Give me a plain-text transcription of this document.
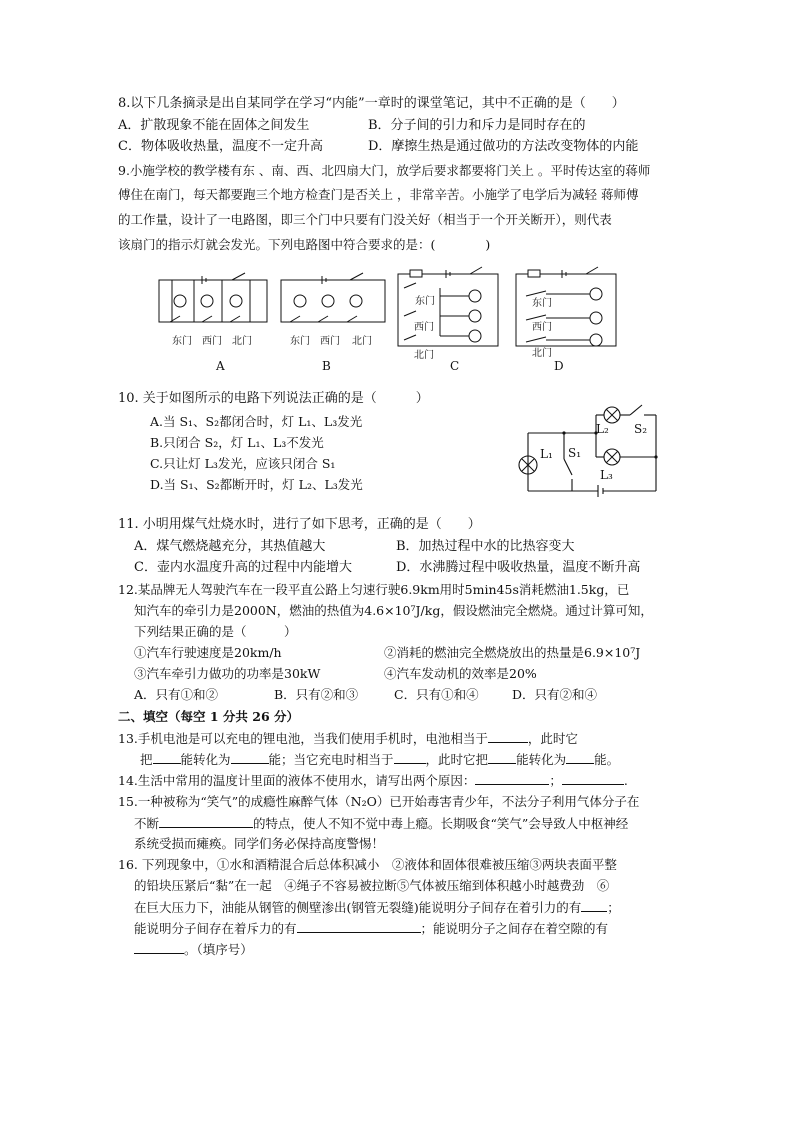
8.以下几条摘录是出自某同学在学习“内能”一章时的课堂笔记，其中不正确的是（　　）
A．扩散现象不能在固体之间发生	B．分子间的引力和斥力是同时存在的
C．物体吸收热量，温度不一定升高	D．摩擦生热是通过做功的方法改变物体的内能
9.小施学校的教学楼有东 、南、西、北四扇大门，放学后要求都要将门关上 。平时传达室的蒋师
傅住在南门，每天都要跑三个地方检查门是否关上 ，非常辛苦。小施学了电学后为减轻 蒋师傅
的工作量，设计了一电路图，即三个门中只要有门没关好（相当于一个开关断开），则代表
该扇门的指示灯就会发光。下列电路图中符合要求的是：(　　　　)
东门 西门 北门	东门 西门 北门
东门
西门
北门
东门
西门
北门
A	B	C	D
10. 关于如图所示的电路下列说法正确的是（　　　）
A.当 S₁、S₂都闭合时，灯 L₁、L₃发光
B.只闭合 S₂，灯 L₁、L₃不发光
C.只让灯 L₃发光，应该只闭合 S₁
D.当 S₁、S₂都断开时，灯 L₂、L₃发光
L₁
L₂
L₃
S₁
S₂
11. 小明用煤气灶烧水时，进行了如下思考，正确的是（　　）
A．煤气燃烧越充分，其热值越大	B．加热过程中水的比热容变大
C．壶内水温度升高的过程中内能增大	D．水沸腾过程中吸收热量，温度不断升高
12.某品牌无人驾驶汽车在一段平直公路上匀速行驶6.9km用时5min45s消耗燃油1.5kg，已
知汽车的牵引力是2000N，燃油的热值为4.6×10⁷J/kg，假设燃油完全燃烧。通过计算可知，
下列结果正确的是（　　　）
①汽车行驶速度是20km/h	②消耗的燃油完全燃烧放出的热量是6.9×10⁷J
③汽车牵引力做功的功率是30kW	④汽车发动机的效率是20%
A．只有①和②	B．只有②和③	C．只有①和④	D．只有②和④
二、填空（每空 1 分共 26 分）
13.手机电池是可以充电的锂电池，当我们使用手机时，电池相当于	，此时它
把 能转化为	能；当它充电时相当于	，此时它把 能转化为 能。
14.生活中常用的温度计里面的液体不使用水，请写出两个原因：	；	.
15.一种被称为“笑气”的成瘾性麻醉气体（N₂O）已开始毒害青少年，不法分子利用气体分子在
不断	的特点，使人不知不觉中毒上瘾。长期吸食“笑气”会导致人中枢神经
系统受损而瘫痪。同学们务必保持高度警惕！
16. 下列现象中，①水和酒精混合后总体积减小　②液体和固体很难被压缩③两块表面平整
的铅块压紧后“黏”在一起　④绳子不容易被拉断⑤气体被压缩到体积越小时越费劲　⑥
在巨大压力下，油能从钢管的侧壁渗出(钢管无裂缝)能说明分子间存在着引力的有 ；
能说明分子间存在着斥力的有	；能说明分子之间存在着空隙的有
。（填序号）
